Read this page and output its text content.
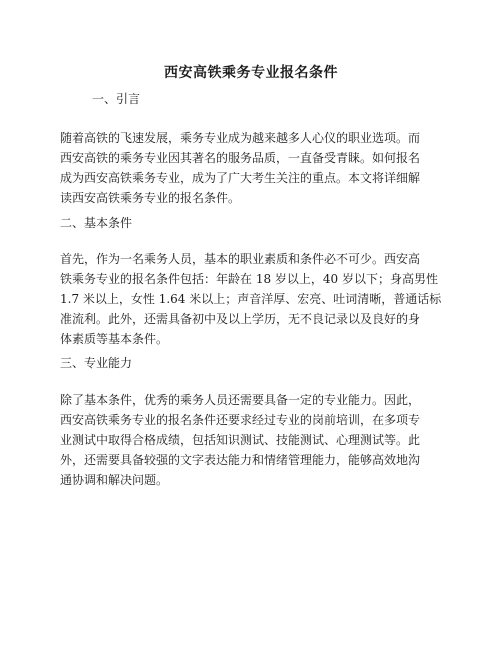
西安高铁乘务专业报名条件
一、引言
随着高铁的飞速发展，乘务专业成为越来越多人心仪的职业选项。而
西安高铁的乘务专业因其著名的服务品质，一直备受青睐。如何报名
成为西安高铁乘务专业，成为了广大考生关注的重点。本文将详细解
读西安高铁乘务专业的报名条件。
二、基本条件
首先，作为一名乘务人员，基本的职业素质和条件必不可少。西安高
铁乘务专业的报名条件包括：年龄在 18 岁以上，40 岁以下；身高男性
1.7 米以上，女性 1.64 米以上；声音洋厚、宏亮、吐词清晰，普通话标
准流利。此外，还需具备初中及以上学历，无不良记录以及良好的身
体素质等基本条件。
三、专业能力
除了基本条件，优秀的乘务人员还需要具备一定的专业能力。因此，
西安高铁乘务专业的报名条件还要求经过专业的岗前培训，在多项专
业测试中取得合格成绩，包括知识测试、技能测试、心理测试等。此
外，还需要具备较强的文字表达能力和情绪管理能力，能够高效地沟
通协调和解决问题。
